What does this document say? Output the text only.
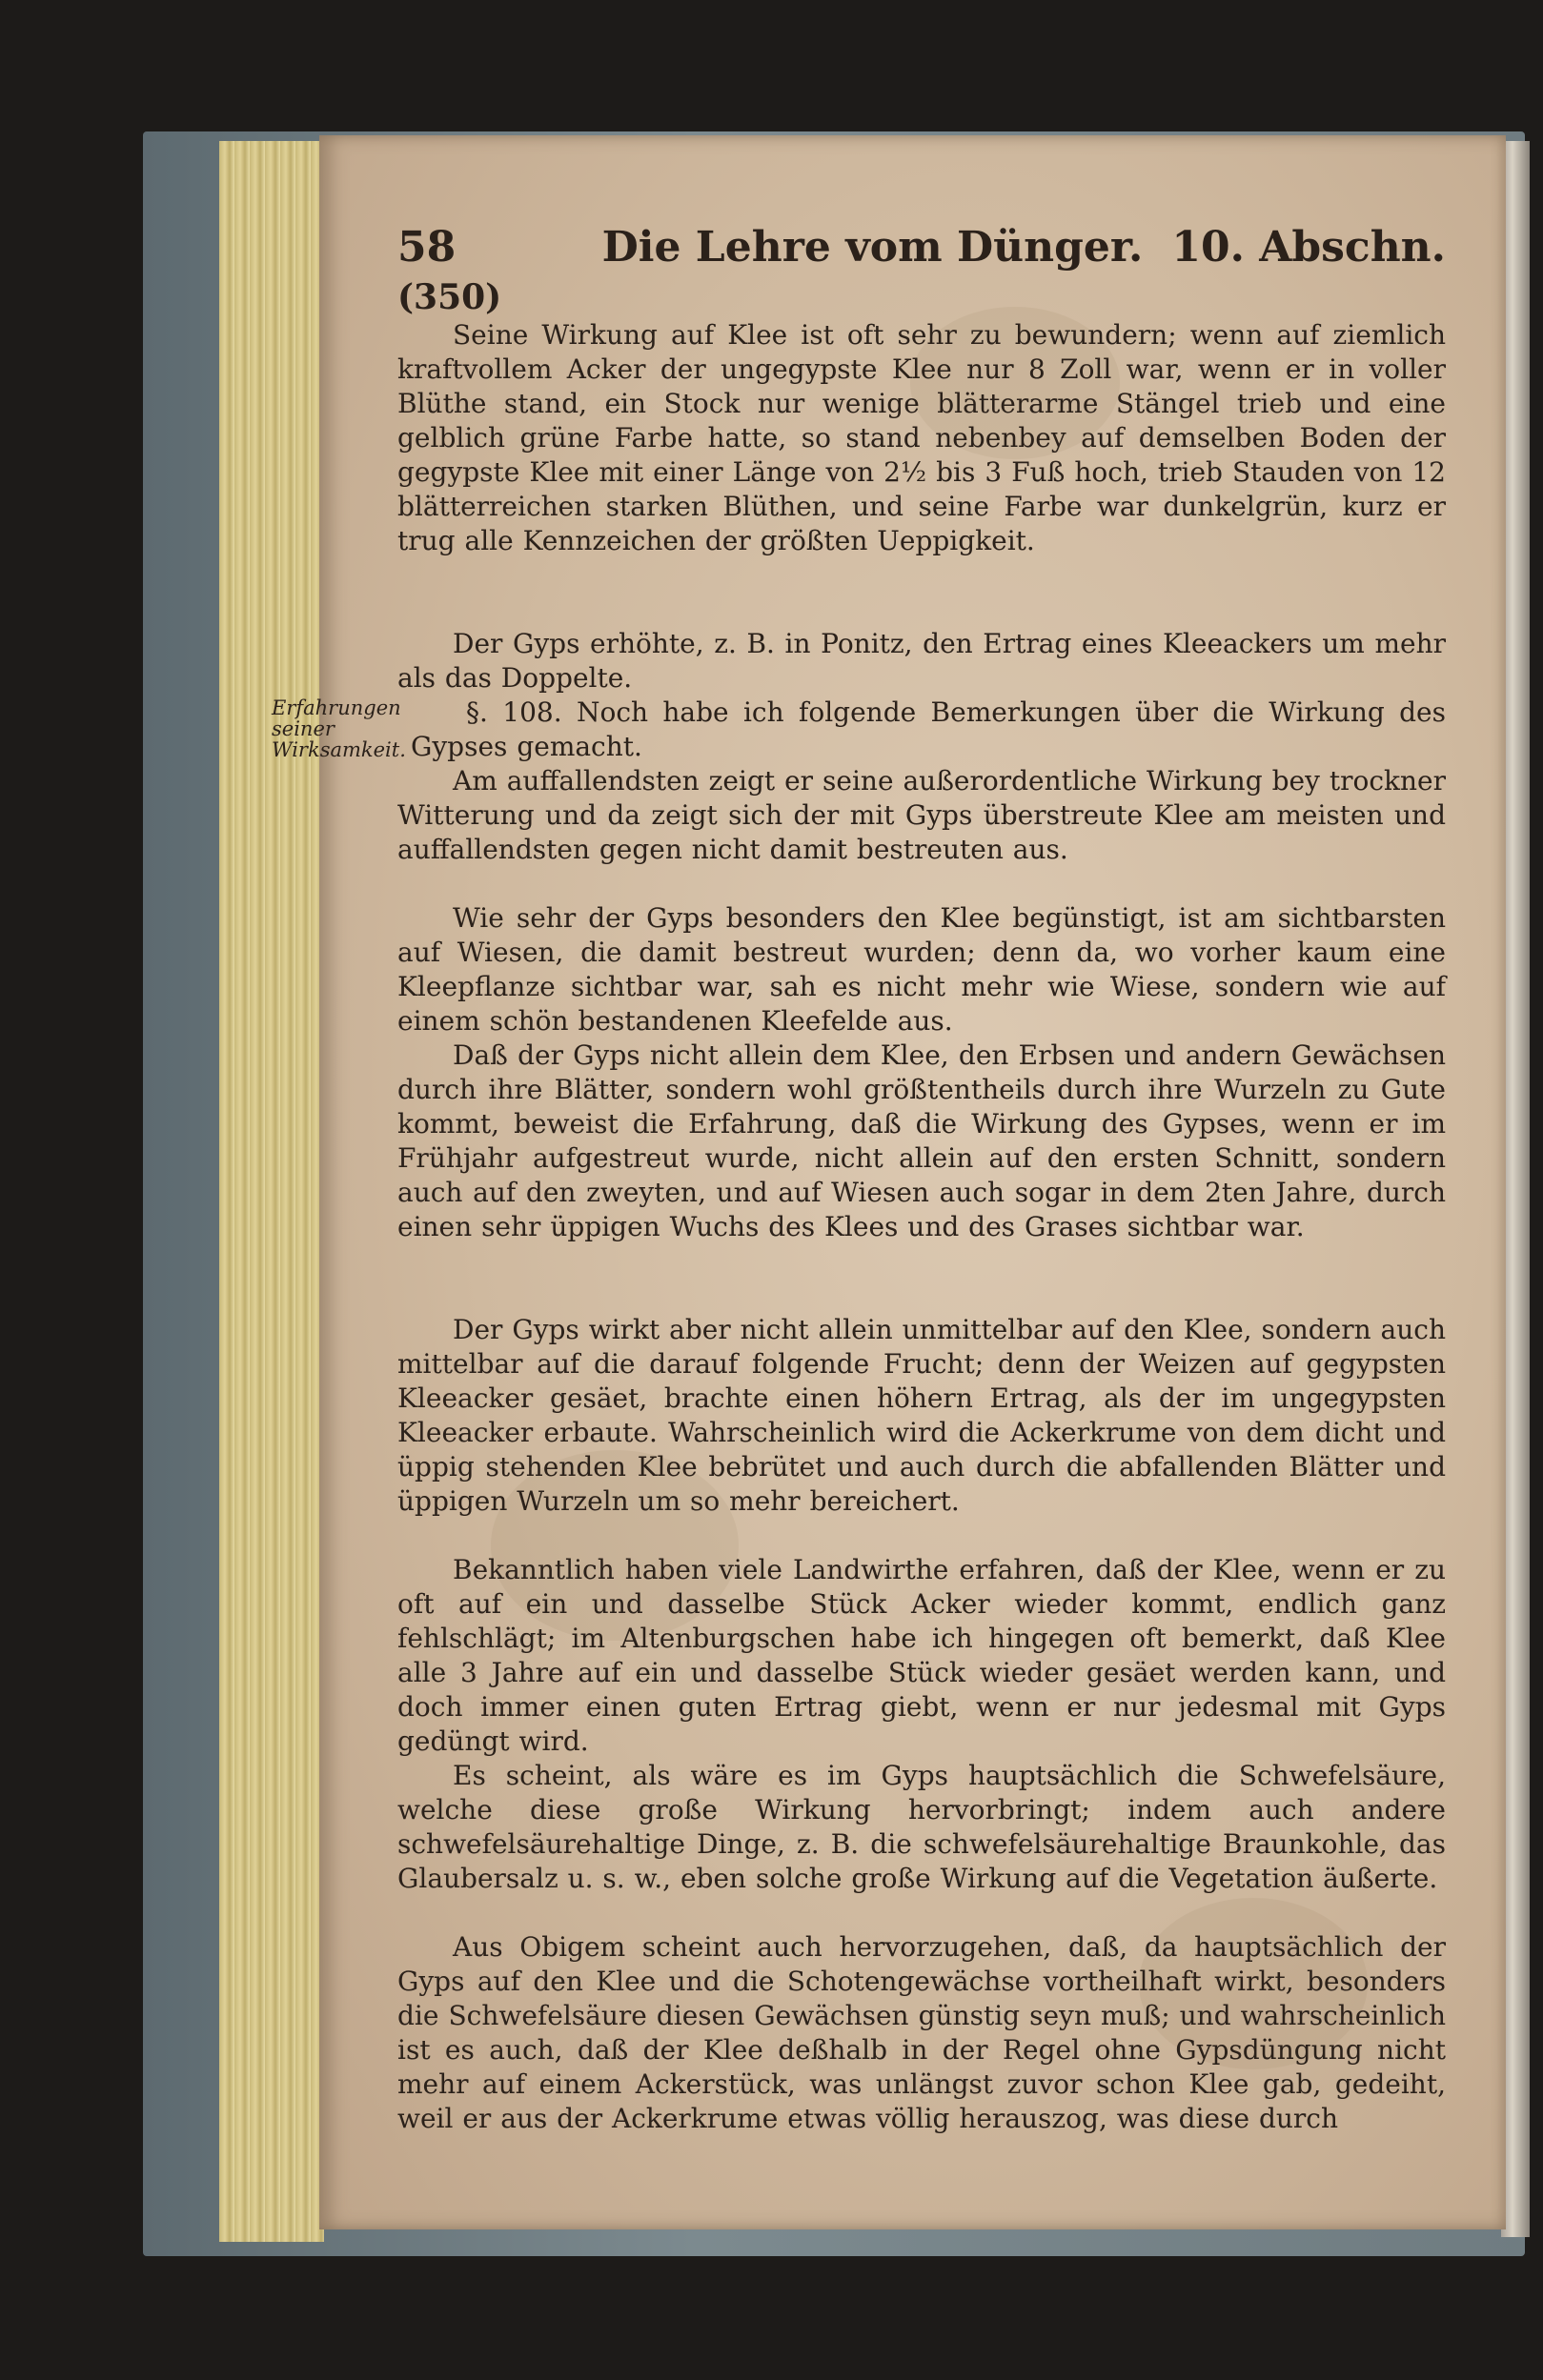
58	Die Lehre vom Dünger. 10. Abschn.
(350)

Seine Wirkung auf Klee ist oft sehr zu bewundern; wenn auf ziemlich kraftvollem Acker der ungegypste Klee nur 8 Zoll war, wenn er in voller Blüthe stand, ein Stock nur wenige blätterarme Stängel trieb und eine gelblich grüne Farbe hatte, so stand nebenbey auf demselben Boden der gegypste Klee mit einer Länge von 2½ bis 3 Fuß hoch, trieb Stauden von 12 blätterreichen starken Blüthen, und seine Farbe war dunkelgrün, kurz er trug alle Kennzeichen der größten Ueppigkeit.

Der Gyps erhöhte, z. B. in Ponitz, den Ertrag eines Kleeackers um mehr als das Doppelte.

Erfahrungen seiner Wirksamkeit.

§. 108. Noch habe ich folgende Bemerkungen über die Wirkung des Gypses gemacht.

Am auffallendsten zeigt er seine außerordentliche Wirkung bey trockner Witterung und da zeigt sich der mit Gyps überstreute Klee am meisten und auffallendsten gegen nicht damit bestreuten aus.

Wie sehr der Gyps besonders den Klee begünstigt, ist am sichtbarsten auf Wiesen, die damit bestreut wurden; denn da, wo vorher kaum eine Kleepflanze sichtbar war, sah es nicht mehr wie Wiese, sondern wie auf einem schön bestandenen Kleefelde aus.

Daß der Gyps nicht allein dem Klee, den Erbsen und andern Gewächsen durch ihre Blätter, sondern wohl größtentheils durch ihre Wurzeln zu Gute kommt, beweist die Erfahrung, daß die Wirkung des Gypses, wenn er im Frühjahr aufgestreut wurde, nicht allein auf den ersten Schnitt, sondern auch auf den zweyten, und auf Wiesen auch sogar in dem 2ten Jahre, durch einen sehr üppigen Wuchs des Klees und des Grases sichtbar war.

Der Gyps wirkt aber nicht allein unmittelbar auf den Klee, sondern auch mittelbar auf die darauf folgende Frucht; denn der Weizen auf gegypsten Kleeacker gesäet, brachte einen höhern Ertrag, als der im ungegypsten Kleeacker erbaute. Wahrscheinlich wird die Ackerkrume von dem dicht und üppig stehenden Klee bebrütet und auch durch die abfallenden Blätter und üppigen Wurzeln um so mehr bereichert.

Bekanntlich haben viele Landwirthe erfahren, daß der Klee, wenn er zu oft auf ein und dasselbe Stück Acker wieder kommt, endlich ganz fehlschlägt; im Altenburgschen habe ich hingegen oft bemerkt, daß Klee alle 3 Jahre auf ein und dasselbe Stück wieder gesäet werden kann, und doch immer einen guten Ertrag giebt, wenn er nur jedesmal mit Gyps gedüngt wird.

Es scheint, als wäre es im Gyps hauptsächlich die Schwefelsäure, welche diese große Wirkung hervorbringt; indem auch andere schwefelsäurehaltige Dinge, z. B. die schwefelsäurehaltige Braunkohle, das Glaubersalz u. s. w., eben solche große Wirkung auf die Vegetation äußerte.

Aus Obigem scheint auch hervorzugehen, daß, da hauptsächlich der Gyps auf den Klee und die Schotengewächse vortheilhaft wirkt, besonders die Schwefelsäure diesen Gewächsen günstig seyn muß; und wahrscheinlich ist es auch, daß der Klee deßhalb in der Regel ohne Gypsdüngung nicht mehr auf einem Ackerstück, was unlängst zuvor schon Klee gab, gedeiht, weil er aus der Ackerkrume etwas völlig herauszog, was diese durch
